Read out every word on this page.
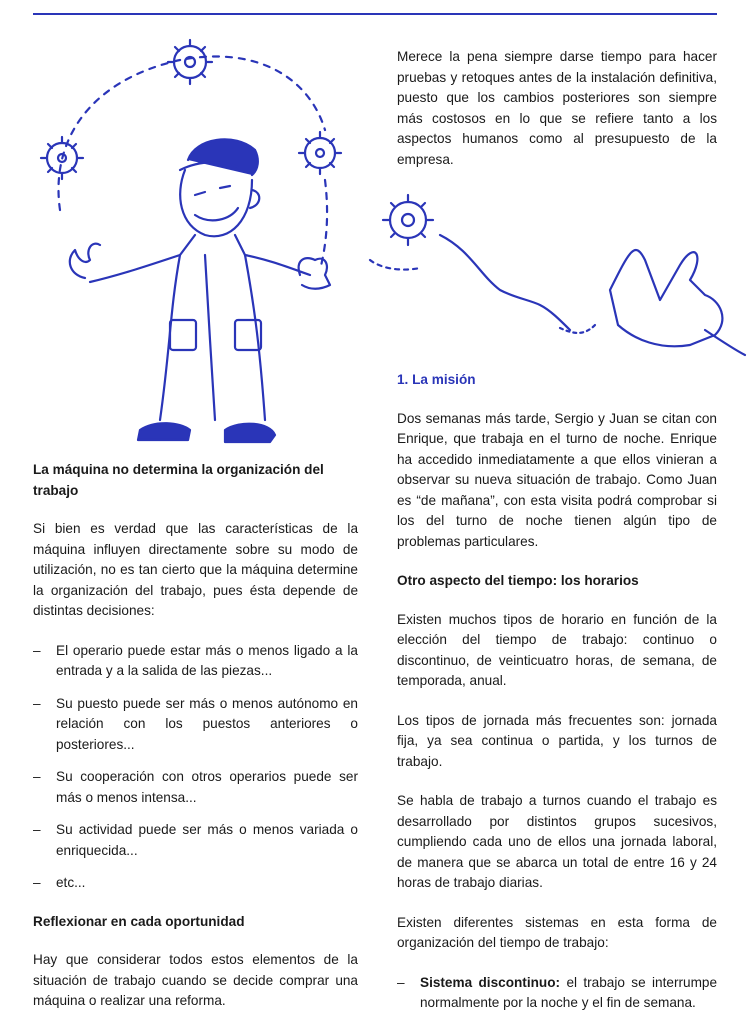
Merece la pena siempre darse tiempo para hacer pruebas y retoques antes de la instalación definitiva, puesto que los cambios posteriores son siempre más costosos en lo que se refiere tanto a los aspectos humanos como al presupuesto de la empresa.

La máquina no determina la organización del trabajo

Si bien es verdad que las características de la máquina influyen directamente sobre su modo de utilización, no es tan cierto que la máquina determine la organización del trabajo, pues ésta depende de distintas decisiones:

– El operario puede estar más o menos ligado a la entrada y a la salida de las piezas...
– Su puesto puede ser más o menos autónomo en relación con los puestos anteriores o posteriores...
– Su cooperación con otros operarios puede ser más o menos intensa...
– Su actividad puede ser más o menos variada o enriquecida...
– etc...
Reflexionar en cada oportunidad

Hay que considerar todos estos elementos de la situación de trabajo cuando se decide comprar una máquina o realizar una reforma.

1. La misión

Dos semanas más tarde, Sergio y Juan se citan con Enrique, que trabaja en el turno de noche. Enrique ha accedido inmediatamente a que ellos vinieran a observar su nueva situación de trabajo. Como Juan es “de mañana”, con esta visita podrá comprobar si los del turno de noche tienen algún tipo de problemas particulares.

Otro aspecto del tiempo: los horarios

Existen muchos tipos de horario en función de la elección del tiempo de trabajo: continuo o discontinuo, de veinticuatro horas, de semana, de temporada, anual.

Los tipos de jornada más frecuentes son: jornada fija, ya sea continua o partida, y los turnos de trabajo.

Se habla de trabajo a turnos cuando el trabajo es desarrollado por distintos grupos sucesivos, cumpliendo cada uno de ellos una jornada laboral, de manera que se abarca un total de entre 16 y 24 horas de trabajo diarias.

Existen diferentes sistemas en esta forma de organización del tiempo de trabajo:

– Sistema discontinuo: el trabajo se interrumpe normalmente por la noche y el fin de semana.
